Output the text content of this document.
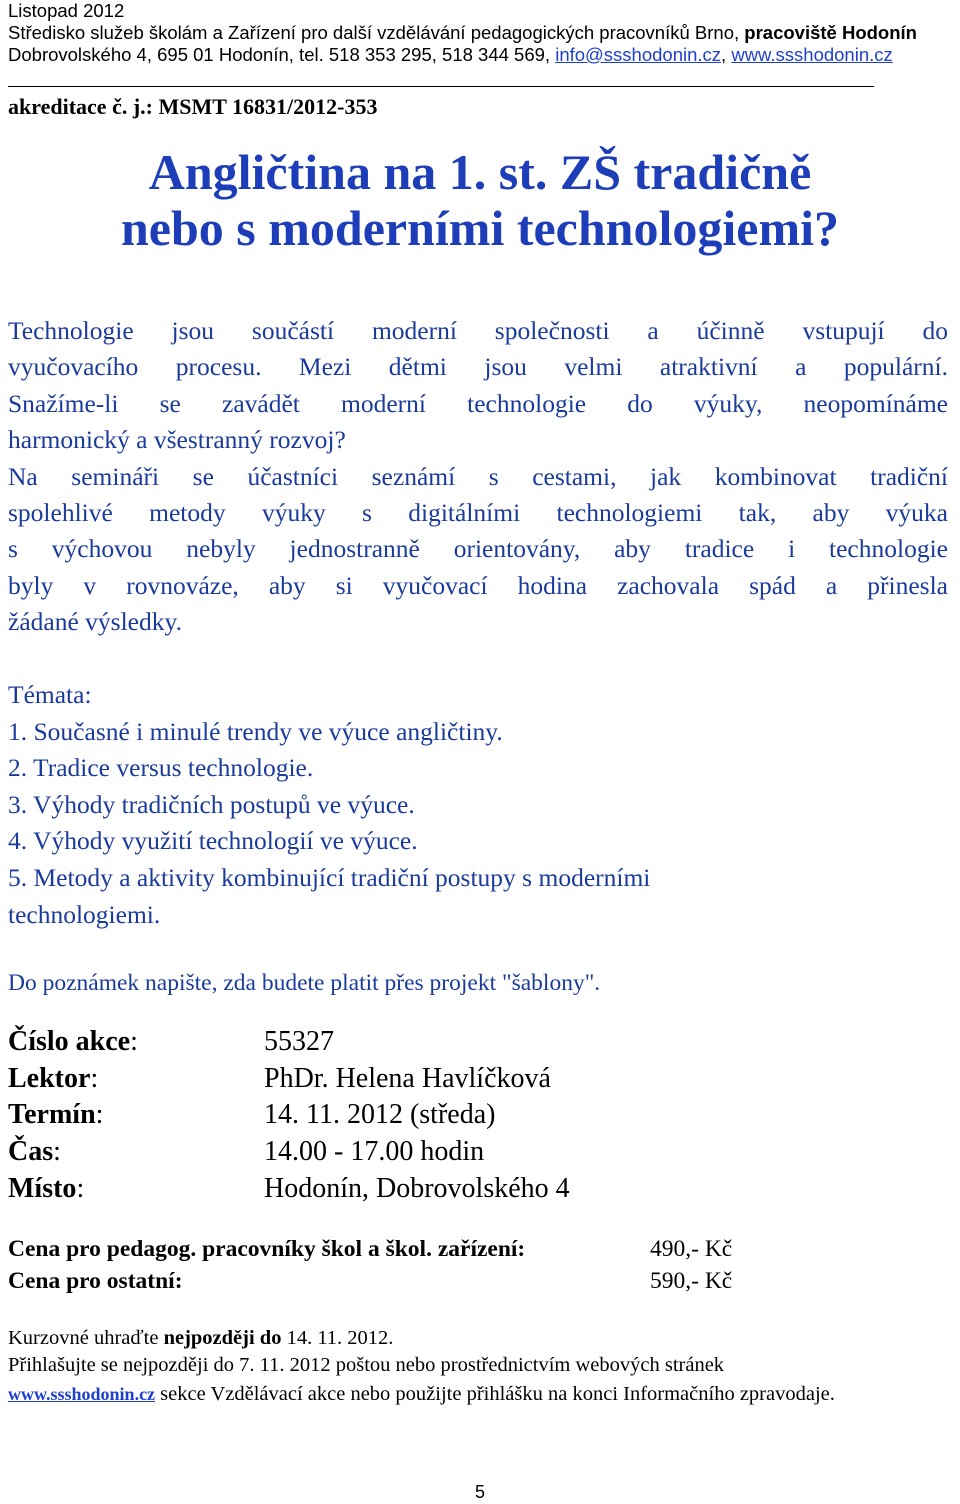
Listopad 2012
Středisko služeb školám a Zařízení pro další vzdělávání pedagogických pracovníků Brno, pracoviště Hodonín
Dobrovolského 4, 695 01 Hodonín, tel. 518 353 295, 518 344 569, info@ssshodonin.cz, www.ssshodonin.cz
akreditace č. j.: MSMT 16831/2012-353
Angličtina na 1. st. ZŠ tradičně
nebo s moderními technologiemi?
Technologie jsou součástí moderní společnosti a účinně vstupují do
vyučovacího procesu. Mezi dětmi jsou velmi atraktivní a populární.
Snažíme-li se zavádět moderní technologie do výuky, neopomínáme
harmonický a všestranný rozvoj?
Na semináři se účastníci seznámí s cestami, jak kombinovat tradiční
spolehlivé metody výuky s digitálními technologiemi tak, aby výuka
s výchovou nebyly jednostranně orientovány, aby tradice i technologie
byly v rovnováze, aby si vyučovací hodina zachovala spád a přinesla
žádané výsledky.
Témata:
1. Současné i minulé trendy ve výuce angličtiny.
2. Tradice versus technologie.
3. Výhody tradičních postupů ve výuce.
4. Výhody využití technologií ve výuce.
5. Metody a aktivity kombinující tradiční postupy s moderními
technologiemi.
Do poznámek napište, zda budete platit přes projekt "šablony".
Číslo akce:	55327
Lektor:	PhDr. Helena Havlíčková
Termín:	14. 11. 2012 (středa)
Čas:	14.00 - 17.00 hodin
Místo:	Hodonín, Dobrovolského 4
Cena pro pedagog. pracovníky škol a škol. zařízení:	490,- Kč
Cena pro ostatní:	590,- Kč
Kurzovné uhraďte nejpozději do 14. 11. 2012.
Přihlašujte se nejpozději do 7. 11. 2012 poštou nebo prostřednictvím webových stránek
www.ssshodonin.cz sekce Vzdělávací akce nebo použijte přihlášku na konci Informačního zpravodaje.
5
